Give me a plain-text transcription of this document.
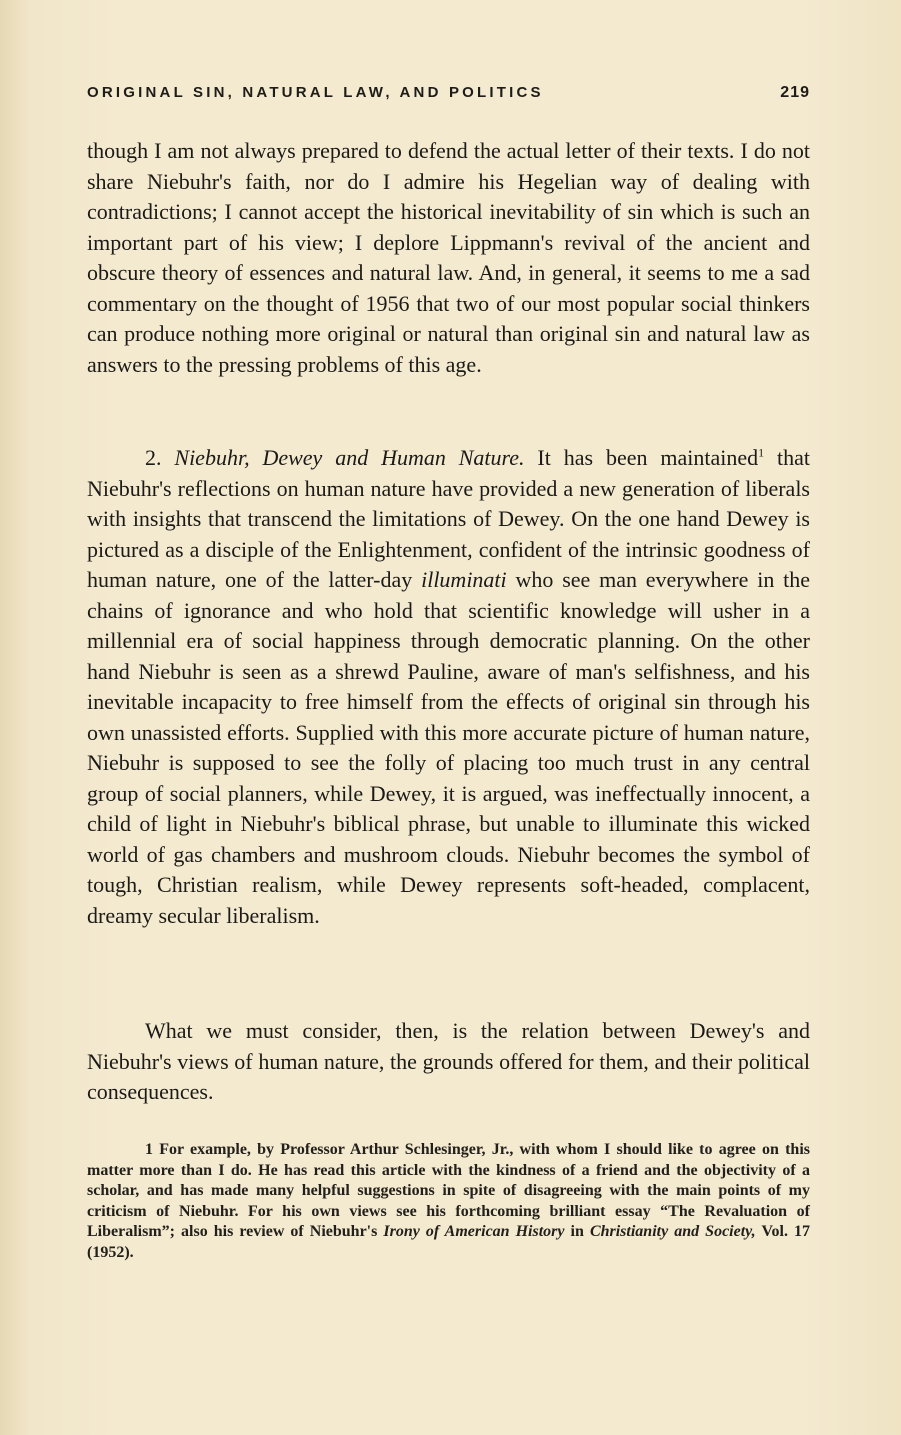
ORIGINAL SIN, NATURAL LAW, AND POLITICS	219
though I am not always prepared to defend the actual letter of their texts. I do not share Niebuhr's faith, nor do I admire his Hegelian way of dealing with contradictions; I cannot accept the historical inevitability of sin which is such an important part of his view; I deplore Lippmann's revival of the ancient and obscure theory of essences and natural law. And, in general, it seems to me a sad commentary on the thought of 1956 that two of our most popular social thinkers can produce nothing more original or natural than original sin and natural law as answers to the pressing problems of this age.
2. Niebuhr, Dewey and Human Nature. It has been maintained$^1$ that Niebuhr's reflections on human nature have provided a new generation of liberals with insights that transcend the limitations of Dewey. On the one hand Dewey is pictured as a disciple of the Enlightenment, confident of the intrinsic goodness of human nature, one of the latter-day illuminati who see man everywhere in the chains of ignorance and who hold that scientific knowledge will usher in a millennial era of social happiness through democratic planning. On the other hand Niebuhr is seen as a shrewd Pauline, aware of man's selfishness, and his inevitable incapacity to free himself from the effects of original sin through his own unassisted efforts. Supplied with this more accurate picture of human nature, Niebuhr is supposed to see the folly of placing too much trust in any central group of social planners, while Dewey, it is argued, was ineffectually innocent, a child of light in Niebuhr's biblical phrase, but unable to illuminate this wicked world of gas chambers and mushroom clouds. Niebuhr becomes the symbol of tough, Christian realism, while Dewey represents soft-headed, complacent, dreamy secular liberalism.
What we must consider, then, is the relation between Dewey's and Niebuhr's views of human nature, the grounds offered for them, and their political consequences.
1 For example, by Professor Arthur Schlesinger, Jr., with whom I should like to agree on this matter more than I do. He has read this article with the kindness of a friend and the objectivity of a scholar, and has made many helpful suggestions in spite of disagreeing with the main points of my criticism of Niebuhr. For his own views see his forthcoming brilliant essay “The Revaluation of Liberalism”; also his review of Niebuhr's Irony of American History in Christianity and Society, Vol. 17 (1952).
